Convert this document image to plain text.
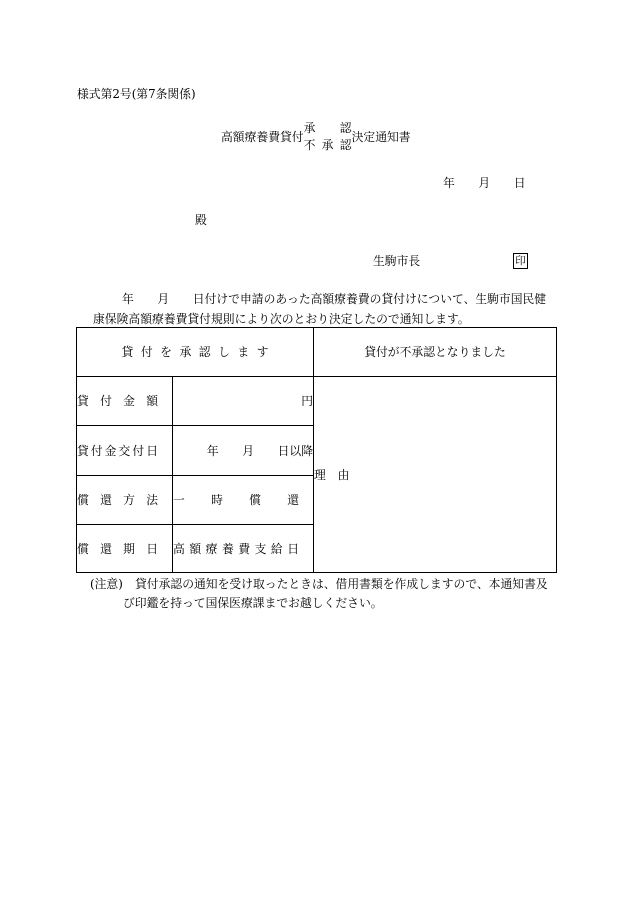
様式第2号(第7条関係)
高額療養費貸付
承　　認
不 承 認
決定通知書
年　　月　　日
殿
生駒市長	印
年　　月　　日付けで申請のあった高額療養費の貸付けについて、生駒市国民健
康保険高額療養費貸付規則により次のとおり決定したので通知します。
貸 付 を 承 認 し ま す		貸付が不承認となりました
貸 付 金 額	円	理　由

貸付金交付日	年　　月　　日以降	
償 還 方 法	一 時 償 還	
償 還 期 日	高 額 療 養 費 支 給 日	
(注意) 貸付承認の通知を受け取ったときは、借用書類を作成しますので、本通知書及
び印鑑を持って国保医療課までお越しください。
